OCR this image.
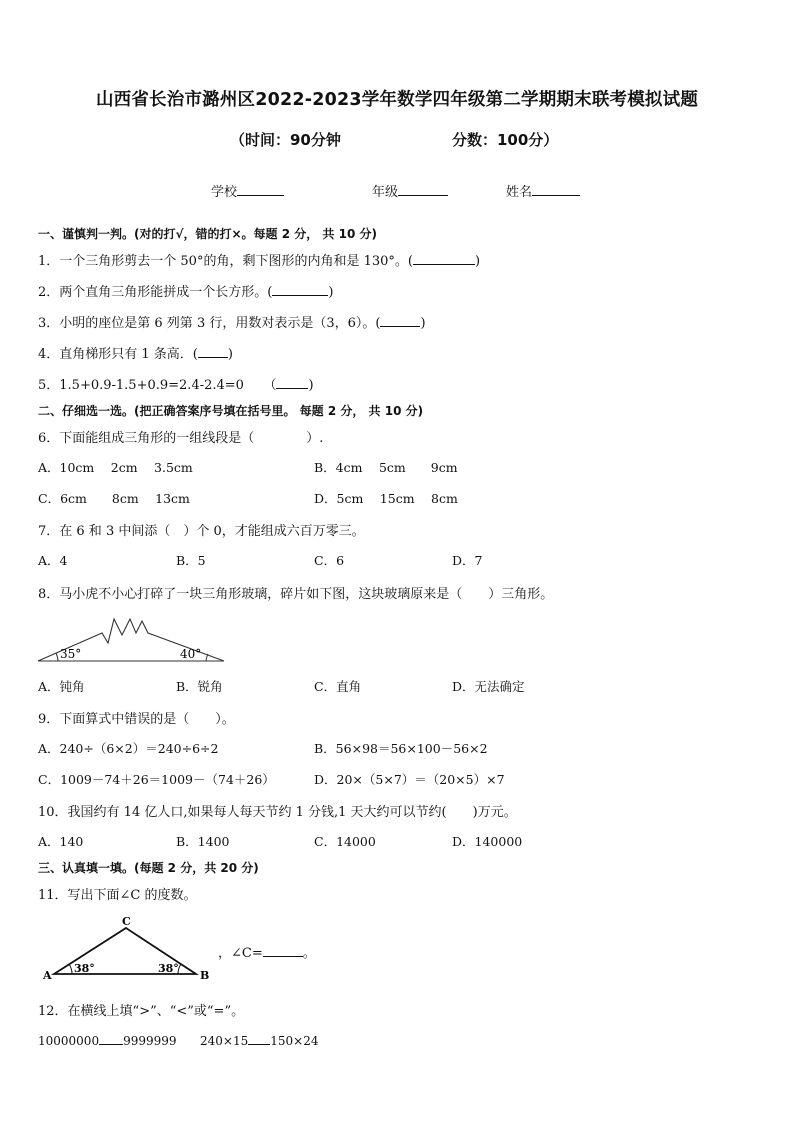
山西省长治市潞州区2022-2023学年数学四年级第二学期期末联考模拟试题
（时间：90分钟	分数：100分）
学校	年级	姓名
一、谨慎判一判。(对的打√，错的打×。每题 2 分， 共 10 分)
1．一个三角形剪去一个 50°的角，剩下图形的内角和是 130°。(	)
2．两个直角三角形能拼成一个长方形。(	)
3．小明的座位是第 6 列第 3 行，用数对表示是（3，6）。(	)
4．直角梯形只有 1 条高．( )
5．1.5+0.9-1.5+0.9=2.4-2.4=0　　（ )
二、仔细选一选。(把正确答案序号填在括号里。 每题 2 分， 共 10 分)
6．下面能组成三角形的一组线段是（　　　　）.
A．10cm　 2cm　 3.5cm	B．4cm　 5cm　　9cm
C．6cm　　8cm　 13cm	D．5cm　 15cm　 8cm
7．在 6 和 3 中间添（　）个 0，才能组成六百万零三。
A．4	B．5	C．6	D．7
8．马小虎不小心打碎了一块三角形玻璃，碎片如下图，这块玻璃原来是（　　）三角形。
35°	40°
A．钝角	B．锐角	C．直角	D．无法确定
9．下面算式中错误的是（　　）。
A．240÷（6×2）＝240÷6÷2	B．56×98＝56×100－56×2
C．1009－74＋26＝1009－（74＋26）	D．20×（5×7）＝（20×5）×7
10．我国约有 14 亿人口,如果每人每天节约 1 分钱,1 天大约可以节约(　　)万元。
A．140	B．1400	C．14000	D．140000
三、认真填一填。(每题 2 分，共 20 分)
11．写出下面∠C 的度数。
C
A	B
38°	38°
，∠C=	。
12．在横线上填“>”、“<”或“=”。
10000000 9999999 240×15 150×24
